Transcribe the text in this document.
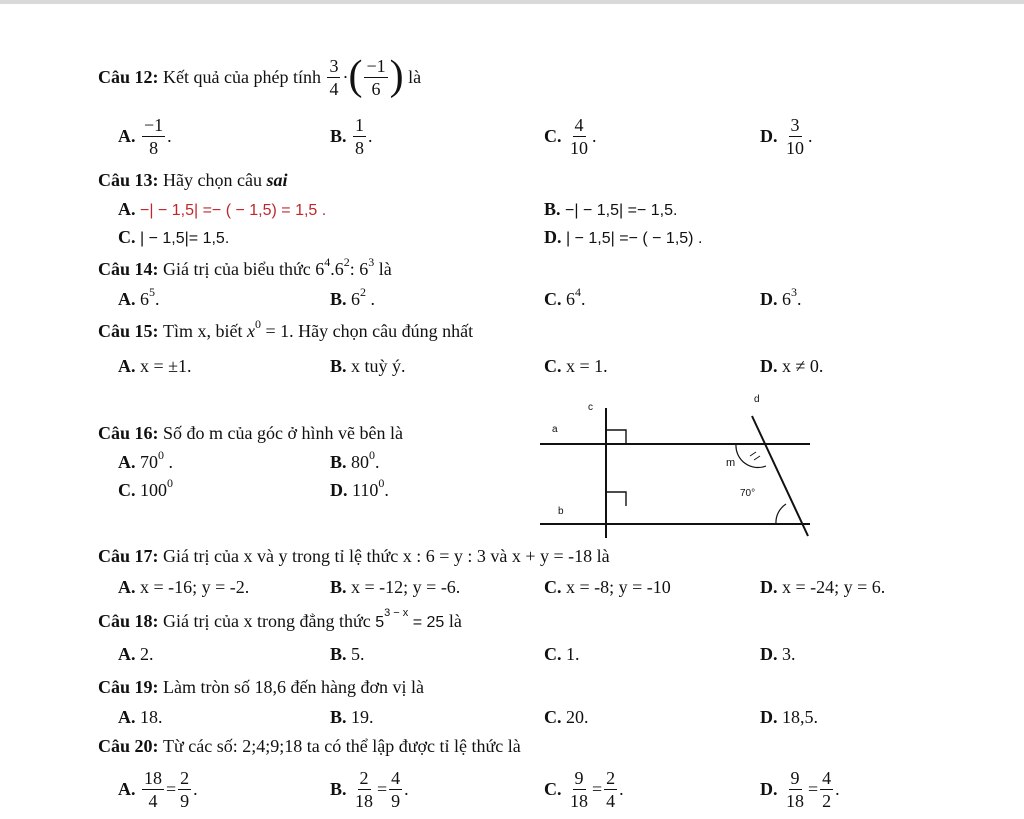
Câu 12:
Kết quả của phép tính
$\frac{3}{4}$ · ( $\frac{-1}{6}$ )
là
A.
$\frac{-1}{8}$ .	B.
$\frac{1}{8}$ .	C.
$\frac{4}{10}$ .	D.
$\frac{3}{10}$ .
Câu 13: Hãy chọn câu sai
A. −| − 1,5| =− ( − 1,5) = 1,5 .	B. −| − 1,5| =− 1,5.
C. | − 1,5|= 1,5.	D. | − 1,5| =− ( − 1,5) .
Câu 14: Giá trị của biểu thức $6^4.6^2$: $6^3$ là
A. $6^5$.	B. $6^2$ .	C. $6^4$.	D. $6^3$.
Câu 15: Tìm x, biết $x^0 = 1$. Hãy chọn câu đúng nhất
A. x = ±1.	B. x tuỳ ý.	C. x = 1.	D. x ≠ 0.
Câu 16: Số đo m của góc ở hình vẽ bên là
A. $70^0$ .	B. $80^0$.
C. $100^0$	D. $110^0$.
c
d
a
b
m
70°
Câu 17: Giá trị của x và y trong tỉ lệ thức x : 6 = y : 3 và x + y = -18 là
A. x = -16; y = -2.	B. x = -12; y = -6.	C. x = -8; y = -10	D. x = -24; y = 6.
Câu 18: Giá trị của x trong đẳng thức $5^{3 - x} = 25$ là
A. 2.	B. 5.	C. 1.	D. 3.
Câu 19: Làm tròn số 18,6 đến hàng đơn vị là
A. 18.	B. 19.	C. 20.	D. 18,5.
Câu 20: Từ các số: 2;4;9;18 ta có thể lập được tỉ lệ thức là
A.
$\frac{18}{4} = \frac{2}{9}$ .	B.
$\frac{2}{18} = \frac{4}{9}$ .	C.
$\frac{9}{18} = \frac{2}{4}$ .	D.
$\frac{9}{18} = \frac{4}{2}$ .
